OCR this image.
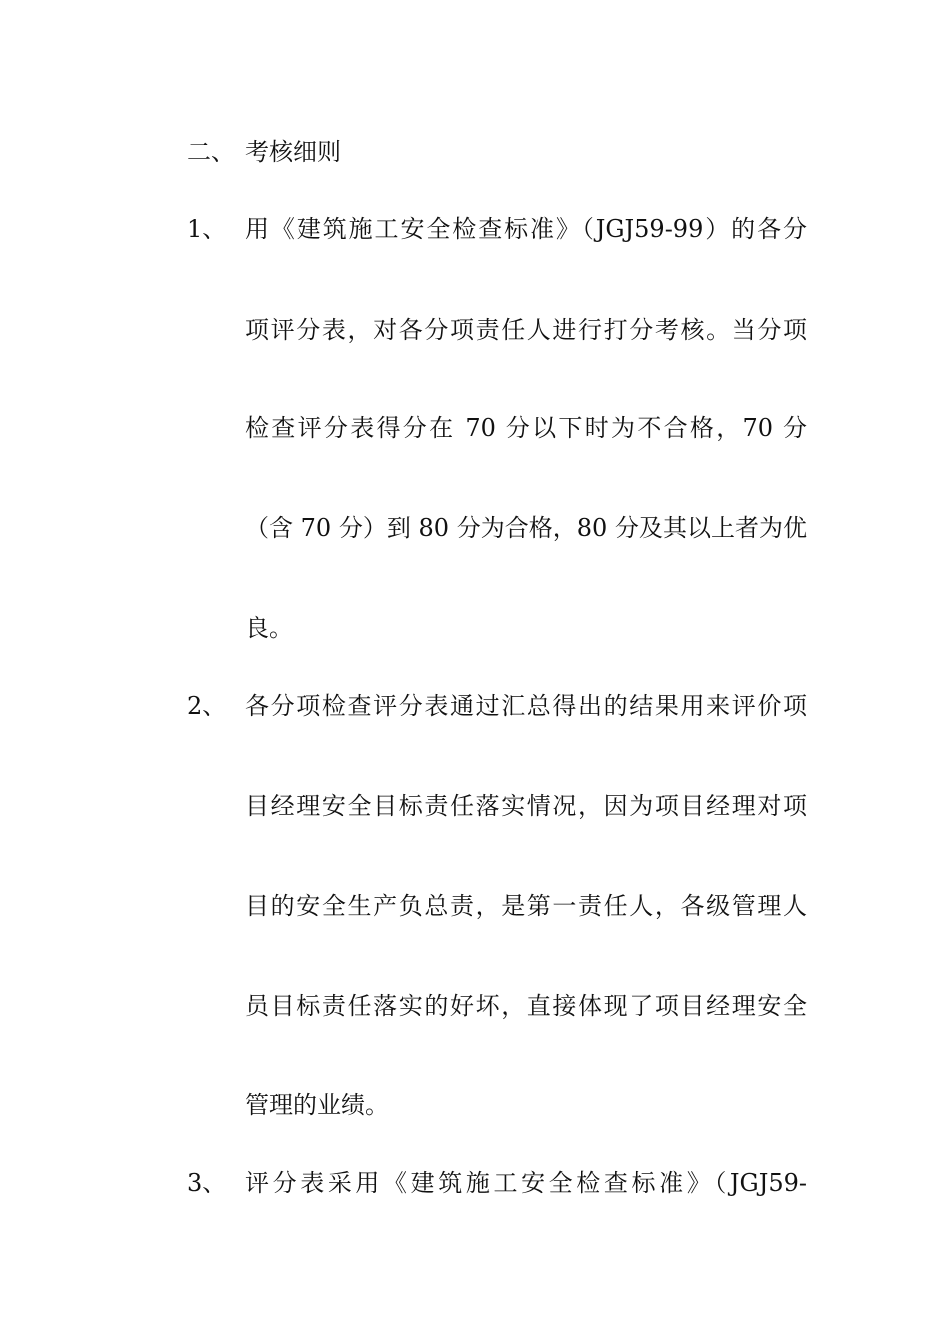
二、 考核细则
1、 用《建筑施工安全检查标准》（JGJ59-99）的各分
项评分表，对各分项责任人进行打分考核。当分项
检查评分表得分在 70 分以下时为不合格，70 分
（含 70 分）到 80 分为合格，80 分及其以上者为优
良。
2、 各分项检查评分表通过汇总得出的结果用来评价项
目经理安全目标责任落实情况，因为项目经理对项
目的安全生产负总责，是第一责任人，各级管理人
员目标责任落实的好坏，直接体现了项目经理安全
管理的业绩。
3、 评分表采用《建筑施工安全检查标准》（JGJ59-
